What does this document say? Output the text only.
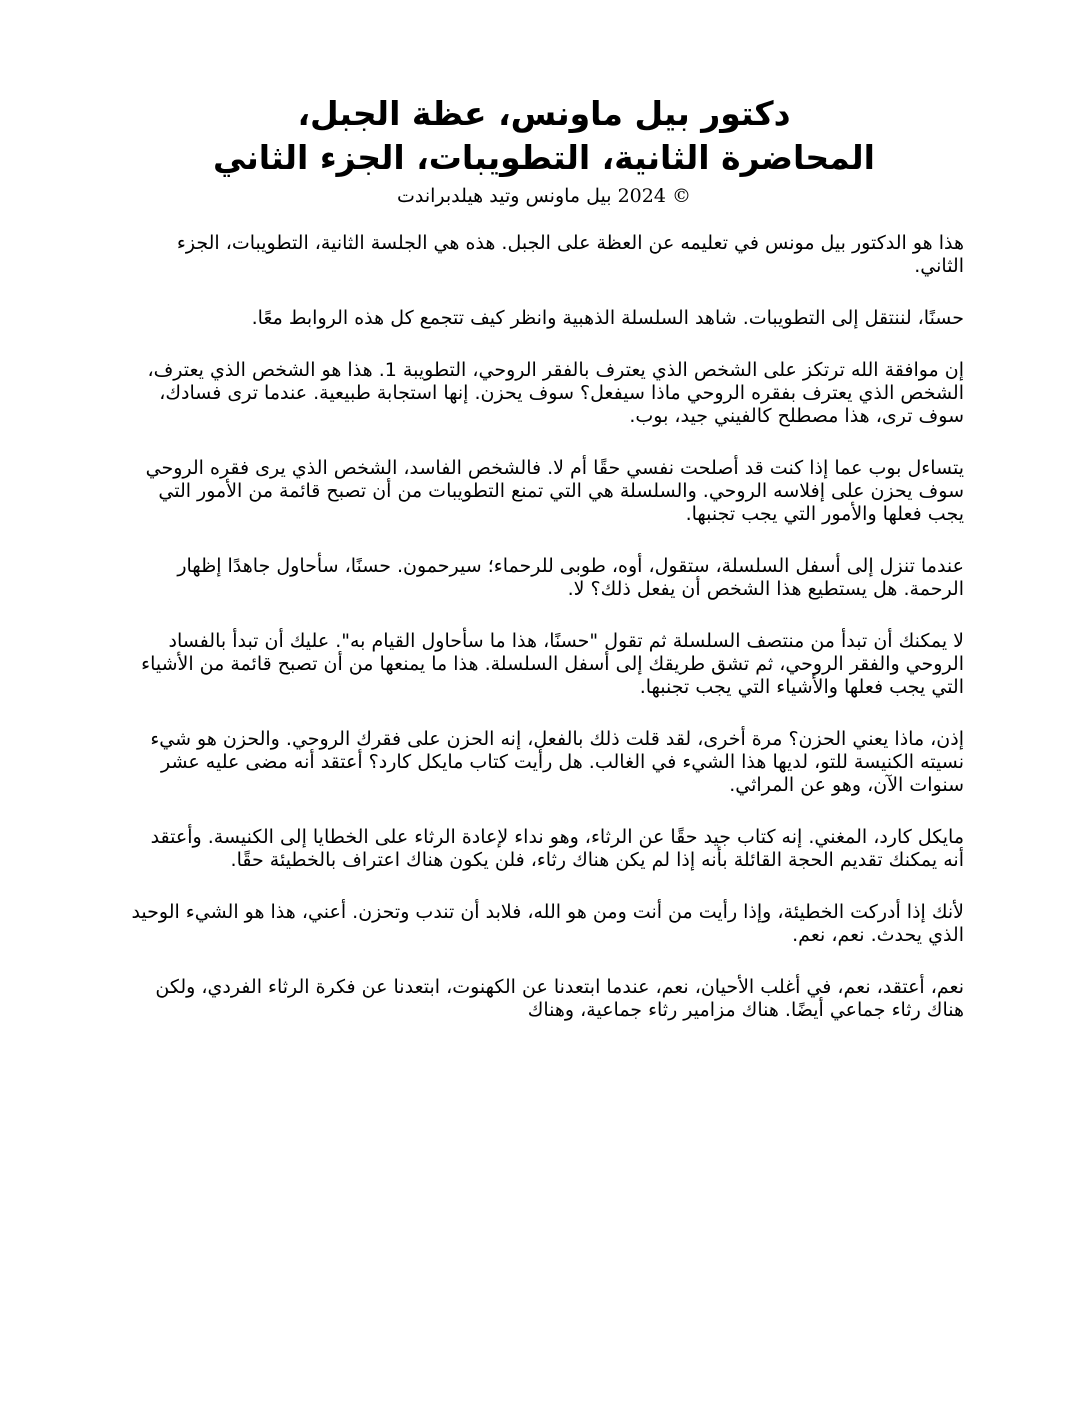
دكتور بيل ماونس، عظة الجبل،
المحاضرة الثانية، التطويبات، الجزء الثاني
© 2024 بيل ماونس وتيد هيلدبراندت

هذا هو الدكتور بيل مونس في تعليمه عن العظة على الجبل. هذه هي الجلسة الثانية، التطويبات، الجزء الثاني.

حسنًا، لننتقل إلى التطويبات. شاهد السلسلة الذهبية وانظر كيف تتجمع كل هذه الروابط معًا.

إن موافقة الله ترتكز على الشخص الذي يعترف بالفقر الروحي، التطويبة 1. هذا هو الشخص الذي يعترف، الشخص الذي يعترف بفقره الروحي ماذا سيفعل؟ سوف يحزن. إنها استجابة طبيعية. عندما ترى فسادك، سوف ترى، هذا مصطلح كالفيني جيد، بوب.

يتساءل بوب عما إذا كنت قد أصلحت نفسي حقًا أم لا. فالشخص الفاسد، الشخص الذي يرى فقره الروحي سوف يحزن على إفلاسه الروحي. والسلسلة هي التي تمنع التطويبات من أن تصبح قائمة من الأمور التي يجب فعلها والأمور التي يجب تجنبها.

عندما تنزل إلى أسفل السلسلة، ستقول، أوه، طوبى للرحماء؛ سيرحمون. حسنًا، سأحاول جاهدًا إظهار الرحمة. هل يستطيع هذا الشخص أن يفعل ذلك؟ لا.

لا يمكنك أن تبدأ من منتصف السلسلة ثم تقول "حسنًا، هذا ما سأحاول القيام به". عليك أن تبدأ بالفساد الروحي والفقر الروحي، ثم تشق طريقك إلى أسفل السلسلة. هذا ما يمنعها من أن تصبح قائمة من الأشياء التي يجب فعلها والأشياء التي يجب تجنبها.

إذن، ماذا يعني الحزن؟ مرة أخرى، لقد قلت ذلك بالفعل، إنه الحزن على فقرك الروحي. والحزن هو شيء نسيته الكنيسة للتو، لديها هذا الشيء في الغالب. هل رأيت كتاب مايكل كارد؟ أعتقد أنه مضى عليه عشر سنوات الآن، وهو عن المراثي.

مايكل كارد، المغني. إنه كتاب جيد حقًا عن الرثاء، وهو نداء لإعادة الرثاء على الخطايا إلى الكنيسة. وأعتقد أنه يمكنك تقديم الحجة القائلة بأنه إذا لم يكن هناك رثاء، فلن يكون هناك اعتراف بالخطيئة حقًا.

لأنك إذا أدركت الخطيئة، وإذا رأيت من أنت ومن هو الله، فلابد أن تندب وتحزن. أعني، هذا هو الشيء الوحيد الذي يحدث. نعم، نعم.

نعم، أعتقد، نعم، في أغلب الأحيان، نعم، عندما ابتعدنا عن الكهنوت، ابتعدنا عن فكرة الرثاء الفردي، ولكن هناك رثاء جماعي أيضًا. هناك مزامير رثاء جماعية، وهناك
